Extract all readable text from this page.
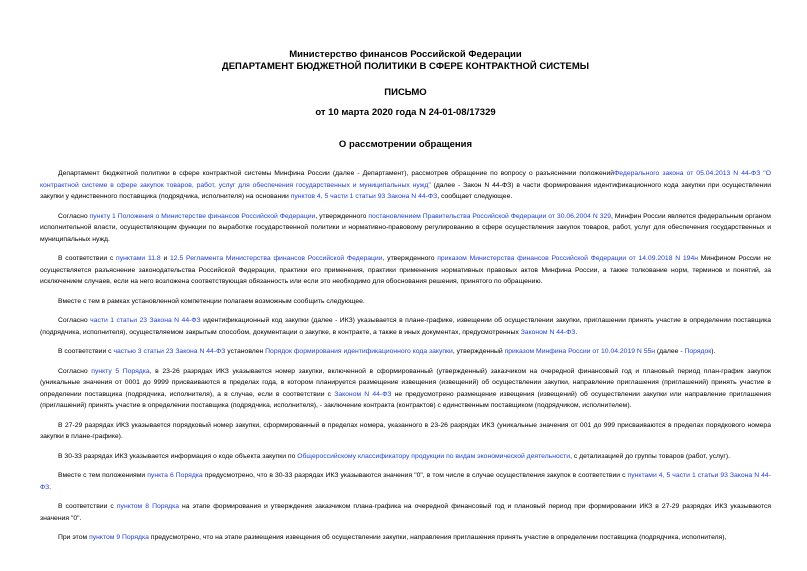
Министерство финансов Российской Федерации
ДЕПАРТАМЕНТ БЮДЖЕТНОЙ ПОЛИТИКИ В СФЕРЕ КОНТРАКТНОЙ СИСТЕМЫ
ПИСЬМО
от 10 марта 2020 года N 24-01-08/17329
О рассмотрении обращения

Департамент бюджетной политики в сфере контрактной системы Минфина России (далее - Департамент), рассмотрев обращение по вопросу о разъяснении положенийФедерального закона от 05.04.2013 N 44-ФЗ "О контрактной системе в сфере закупок товаров, работ, услуг для обеспечения государственных и муниципальных нужд" (далее - Закон N 44-ФЗ) в части формирования идентификационного кода закупки при осуществлении закупки у единственного поставщика (подрядчика, исполнителя) на основании пунктов 4, 5 части 1 статьи 93 Закона N 44-ФЗ, сообщает следующее.

Согласно пункту 1 Положения о Министерстве финансов Российской Федерации, утвержденного постановлением Правительства Российской Федерации от 30.06.2004 N 329, Минфин России является федеральным органом исполнительной власти, осуществляющим функции по выработке государственной политики и нормативно-правовому регулированию в сфере осуществления закупок товаров, работ, услуг для обеспечения государственных и муниципальных нужд.

В соответствии с пунктами 11.8 и 12.5 Регламента Министерства финансов Российской Федерации, утвержденного приказом Министерства финансов Российской Федерации от 14.09.2018 N 194н Минфином России не осуществляется разъяснение законодательства Российской Федерации, практики его применения, практики применения нормативных правовых актов Минфина России, а также толкование норм, терминов и понятий, за исключением случаев, если на него возложена соответствующая обязанность или если это необходимо для обоснования решения, принятого по обращению.

Вместе с тем в рамках установленной компетенции полагаем возможным сообщить следующее.

Согласно части 1 статьи 23 Закона N 44-ФЗ идентификационный код закупки (далее - ИКЗ) указывается в плане-графике, извещении об осуществлении закупки, приглашении принять участие в определении поставщика (подрядчика, исполнителя), осуществляемом закрытым способом, документации о закупке, в контракте, а также в иных документах, предусмотренных Законом N 44-ФЗ.

В соответствии с частью 3 статьи 23 Закона N 44-ФЗ установлен Порядок формирования идентификационного кода закупки, утвержденный приказом Минфина России от 10.04.2019 N 55н (далее - Порядок).

Согласно пункту 5 Порядка, в 23-26 разрядах ИКЗ указывается номер закупки, включенной в сформированный (утвержденный) заказчиком на очередной финансовый год и плановый период план-график закупок (уникальные значения от 0001 до 9999 присваиваются в пределах года, в котором планируется размещение извещения (извещений) об осуществлении закупки, направление приглашения (приглашений) принять участие в определении поставщика (подрядчика, исполнителя), а в случае, если в соответствии с Законом N 44-ФЗ не предусмотрено размещение извещения (извещений) об осуществлении закупки или направление приглашения (приглашений) принять участие в определении поставщика (подрядчика, исполнителя), - заключение контракта (контрактов) с единственным поставщиком (подрядчиком, исполнителем).

В 27-29 разрядах ИКЗ указывается порядковый номер закупки, сформированный в пределах номера, указанного в 23-26 разрядах ИКЗ (уникальные значения от 001 до 999 присваиваются в пределах порядкового номера закупки в плане-графике).

В 30-33 разрядах ИКЗ указывается информация о коде объекта закупки по Общероссийскому классификатору продукции по видам экономической деятельности, с детализацией до группы товаров (работ, услуг).

Вместе с тем положениями пункта 6 Порядка предусмотрено, что в 30-33 разрядах ИКЗ указываются значения "0", в том числе в случае осуществления закупок в соответствии с пунктами 4, 5 части 1 статьи 93 Закона N 44-ФЗ.

В соответствии с пунктом 8 Порядка на этапе формирования и утверждения заказчиком плана-графика на очередной финансовый год и плановый период при формировании ИКЗ в 27-29 разрядах ИКЗ указываются значения "0".

При этом пунктом 9 Порядка предусмотрено, что на этапе размещения извещения об осуществлении закупки, направления приглашения принять участие в определении поставщика (подрядчика, исполнителя),
